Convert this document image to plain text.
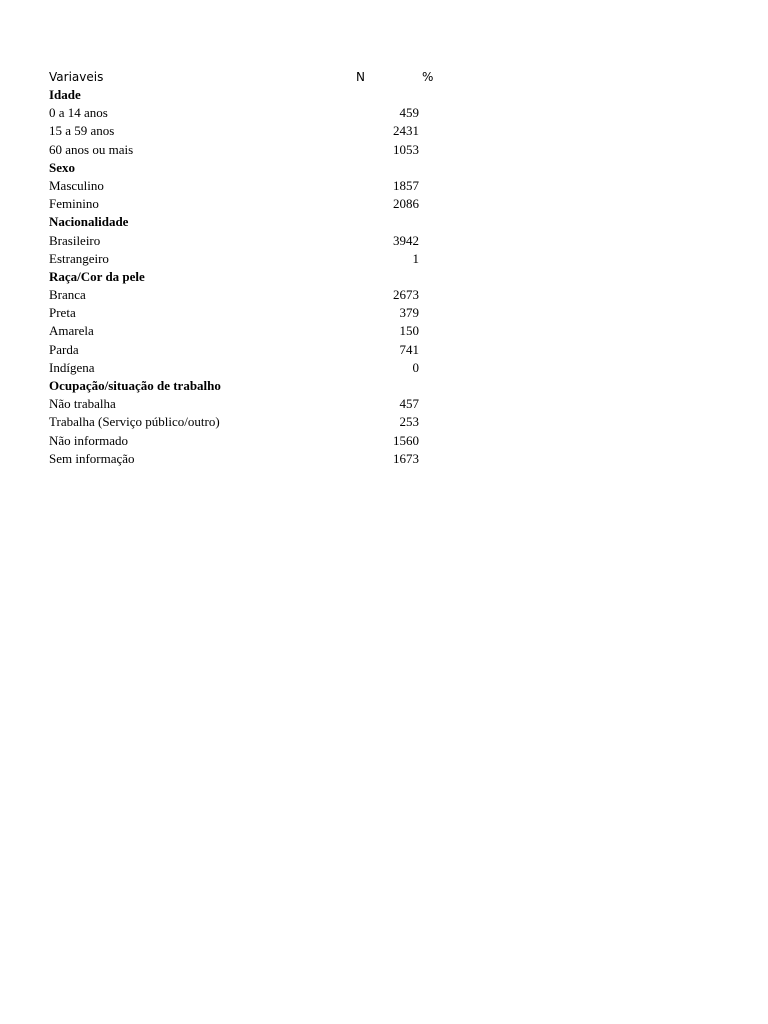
Variaveis	N	%
Idade
0 a 14 anos	459
15 a 59 anos	2431
60 anos ou mais	1053
Sexo
Masculino	1857
Feminino	2086
Nacionalidade
Brasileiro	3942
Estrangeiro	1
Raça/Cor da pele
Branca	2673
Preta	379
Amarela	150
Parda	741
Indígena	0
Ocupação/situação de trabalho
Não trabalha	457
Trabalha (Serviço público/outro)	253
Não informado	1560
Sem informação	1673
